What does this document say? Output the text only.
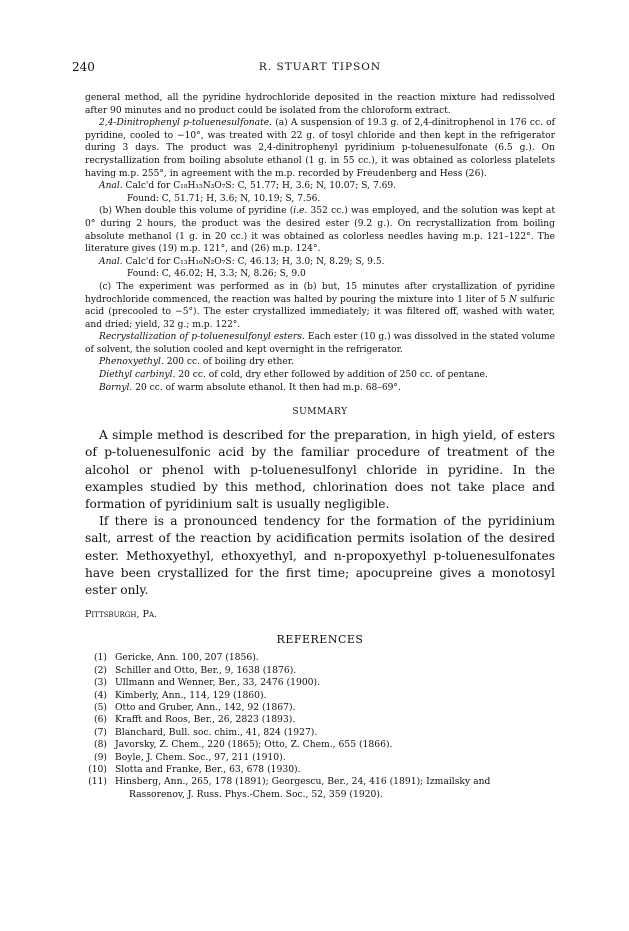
240	R. STUART TIPSON

general method, all the pyridine hydrochloride deposited in the reaction mixture had redissolved after 90 minutes and no product could be isolated from the chloroform extract.

2,4-Dinitrophenyl p-toluenesulfonate. (a) A suspension of 19.3 g. of 2,4-dinitrophenol in 176 cc. of pyridine, cooled to −10°, was treated with 22 g. of tosyl chloride and then kept in the refrigerator during 3 days. The product was 2,4-dinitrophenyl pyridinium p-toluenesulfonate (6.5 g.). On recrystallization from boiling absolute ethanol (1 g. in 55 cc.), it was obtained as colorless platelets having m.p. 255°, in agreement with the m.p. recorded by Freudenberg and Hess (26).

Anal. Calc'd for C₁₈H₁₅N₃O₇S: C, 51.77; H, 3.6; N, 10.07; S, 7.69.

Found: C, 51.71; H, 3.6; N, 10.19; S, 7.56.

(b) When double this volume of pyridine (i.e. 352 cc.) was employed, and the solution was kept at 0° during 2 hours, the product was the desired ester (9.2 g.). On recrystallization from boiling absolute methanol (1 g. in 20 cc.) it was obtained as colorless needles having m.p. 121–122°. The literature gives (19) m.p. 121°, and (26) m.p. 124°.

Anal. Calc'd for C₁₃H₁₀N₂O₇S: C, 46.13; H, 3.0; N, 8.29; S, 9.5.

Found: C, 46.02; H, 3.3; N, 8.26; S, 9.0

(c) The experiment was performed as in (b) but, 15 minutes after crystallization of pyridine hydrochloride commenced, the reaction was halted by pouring the mixture into 1 liter of 5 N sulfuric acid (precooled to −5°). The ester crystallized immediately; it was filtered off, washed with water, and dried; yield, 32 g.; m.p. 122°.

Recrystallization of p-toluenesulfonyl esters. Each ester (10 g.) was dissolved in the stated volume of solvent, the solution cooled and kept overnight in the refrigerator.

Phenoxyethyl. 200 cc. of boiling dry ether.

Diethyl carbinyl. 20 cc. of cold, dry ether followed by addition of 250 cc. of pentane.

Bornyl. 20 cc. of warm absolute ethanol. It then had m.p. 68–69°.

SUMMARY

A simple method is described for the preparation, in high yield, of esters of p-toluenesulfonic acid by the familiar procedure of treatment of the alcohol or phenol with p-toluenesulfonyl chloride in pyridine. In the examples studied by this method, chlorination does not take place and formation of pyridinium salt is usually negligible.

If there is a pronounced tendency for the formation of the pyridinium salt, arrest of the reaction by acidification permits isolation of the desired ester. Methoxyethyl, ethoxyethyl, and n-propoxyethyl p-toluenesulfonates have been crystallized for the first time; apocupreine gives a monotosyl ester only.

Pittsburgh, Pa.

REFERENCES
(1) Gericke, Ann. 100, 207 (1856).
(2) Schiller and Otto, Ber., 9, 1638 (1876).
(3) Ullmann and Wenner, Ber., 33, 2476 (1900).
(4) Kimberly, Ann., 114, 129 (1860).
(5) Otto and Gruber, Ann., 142, 92 (1867).
(6) Krafft and Roos, Ber., 26, 2823 (1893).
(7) Blanchard, Bull. soc. chim., 41, 824 (1927).
(8) Javorsky, Z. Chem., 220 (1865); Otto, Z. Chem., 655 (1866).
(9) Boyle, J. Chem. Soc., 97, 211 (1910).
(10) Slotta and Franke, Ber., 63, 678 (1930).
(11) Hinsberg, Ann., 265, 178 (1891); Georgescu, Ber., 24, 416 (1891); Izmailsky and
Rassorenov, J. Russ. Phys.-Chem. Soc., 52, 359 (1920).
